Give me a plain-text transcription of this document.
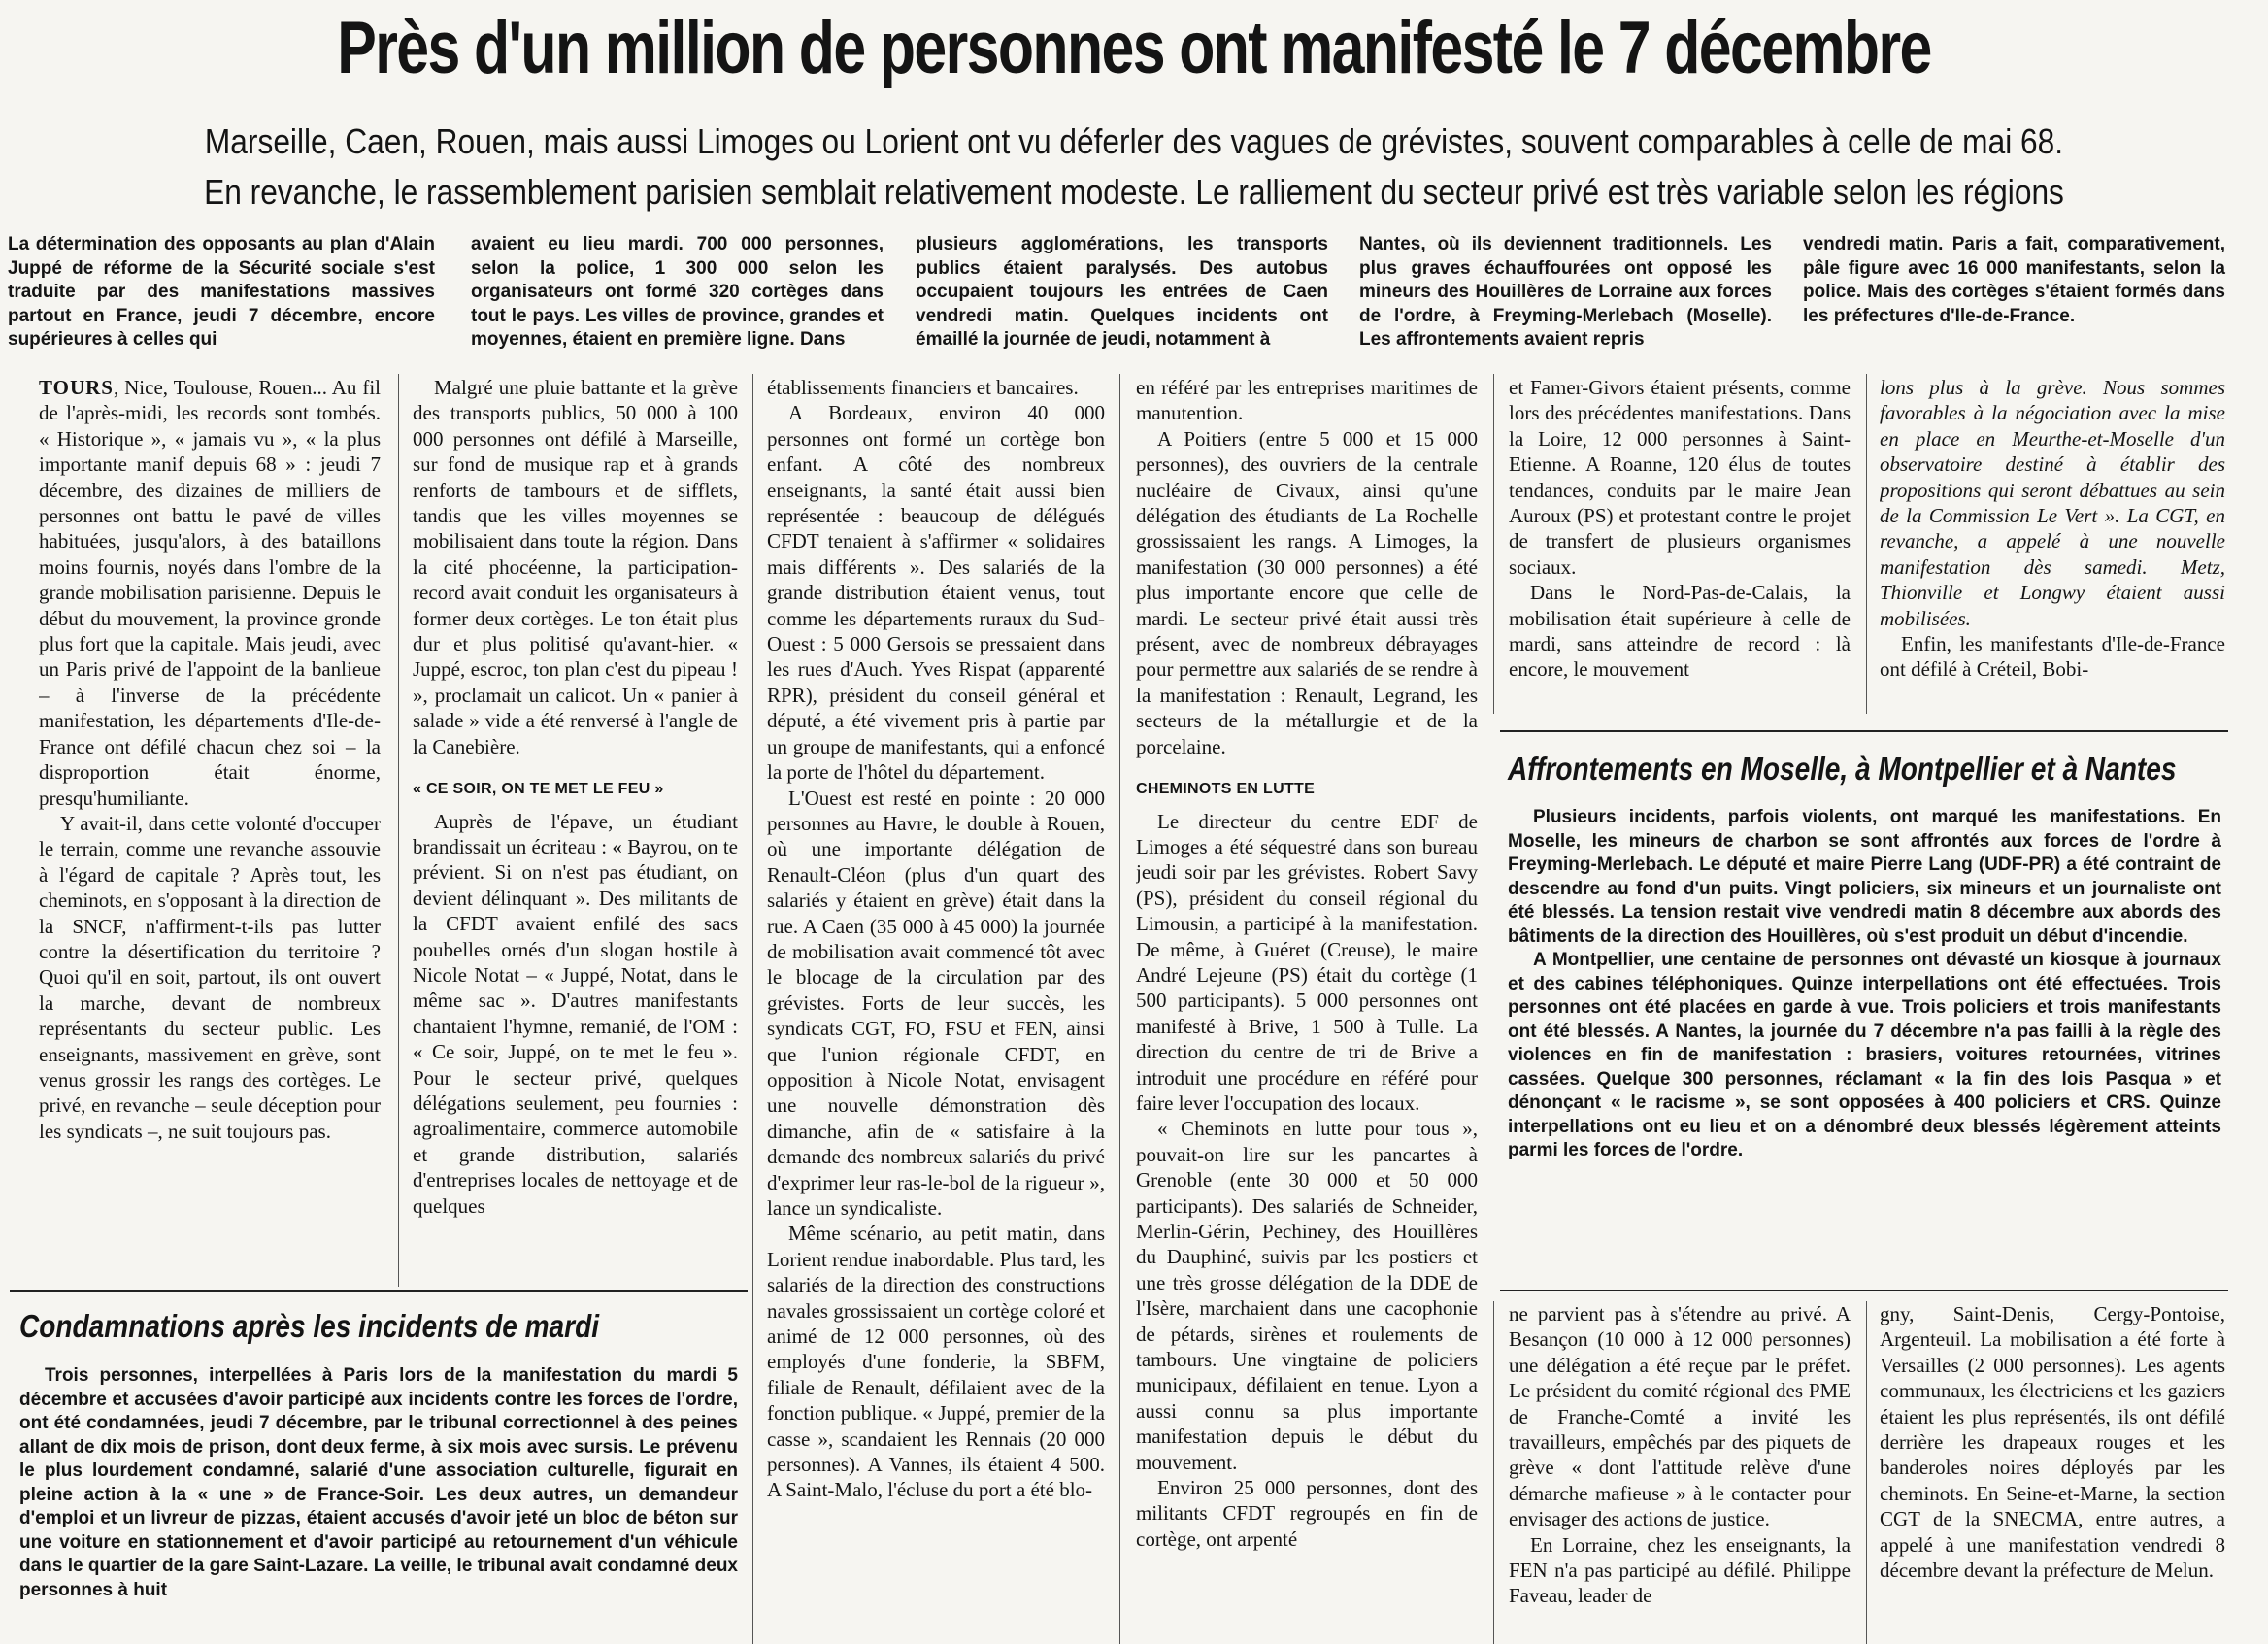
Près d'un million de personnes ont manifesté le 7 décembre
Marseille, Caen, Rouen, mais aussi Limoges ou Lorient ont vu déferler des vagues de grévistes, souvent comparables à celle de mai 68.
En revanche, le rassemblement parisien semblait relativement modeste. Le ralliement du secteur privé est très variable selon les régions

La détermination des opposants au plan d'Alain Juppé de réforme de la Sécurité sociale s'est traduite par des manifestations massives partout en France, jeudi 7 décembre, encore supérieures à celles qui

avaient eu lieu mardi. 700 000 personnes, selon la police, 1 300 000 selon les organisateurs ont formé 320 cortèges dans tout le pays. Les villes de province, grandes et moyennes, étaient en première ligne. Dans

plusieurs agglomérations, les transports publics étaient paralysés. Des autobus occupaient toujours les entrées de Caen vendredi matin. Quelques incidents ont émaillé la journée de jeudi, notamment à

Nantes, où ils deviennent traditionnels. Les plus graves échauffourées ont opposé les mineurs des Houillères de Lorraine aux forces de l'ordre, à Freyming-Merlebach (Moselle). Les affrontements avaient repris

vendredi matin. Paris a fait, comparativement, pâle figure avec 16 000 manifestants, selon la police. Mais des cortèges s'étaient formés dans les préfectures d'Ile-de-France.

TOURS, Nice, Toulouse, Rouen... Au fil de l'après-midi, les records sont tombés. « Historique », « jamais vu », « la plus importante manif depuis 68 » : jeudi 7 décembre, des dizaines de milliers de personnes ont battu le pavé de villes habituées, jusqu'alors, à des bataillons moins fournis, noyés dans l'ombre de la grande mobilisation parisienne. Depuis le début du mouvement, la province gronde plus fort que la capitale. Mais jeudi, avec un Paris privé de l'appoint de la banlieue – à l'inverse de la précédente manifestation, les départements d'Ile-de-France ont défilé chacun chez soi – la disproportion était énorme, presqu'humiliante.

Y avait-il, dans cette volonté d'occuper le terrain, comme une revanche assouvie à l'égard de capitale ? Après tout, les cheminots, en s'opposant à la direction de la SNCF, n'affirment-t-ils pas lutter contre la désertification du territoire ? Quoi qu'il en soit, partout, ils ont ouvert la marche, devant de nombreux représentants du secteur public. Les enseignants, massivement en grève, sont venus grossir les rangs des cortèges. Le privé, en revanche – seule déception pour les syndicats –, ne suit toujours pas.

Malgré une pluie battante et la grève des transports publics, 50 000 à 100 000 personnes ont défilé à Marseille, sur fond de musique rap et à grands renforts de tambours et de sifflets, tandis que les villes moyennes se mobilisaient dans toute la région. Dans la cité phocéenne, la participation-record avait conduit les organisateurs à former deux cortèges. Le ton était plus dur et plus politisé qu'avant-hier. « Juppé, escroc, ton plan c'est du pipeau ! », proclamait un calicot. Un « panier à salade » vide a été renversé à l'angle de la Canebière.

« CE SOIR, ON TE MET LE FEU »

Auprès de l'épave, un étudiant brandissait un écriteau : « Bayrou, on te prévient. Si on n'est pas étudiant, on devient délinquant ». Des militants de la CFDT avaient enfilé des sacs poubelles ornés d'un slogan hostile à Nicole Notat – « Juppé, Notat, dans le même sac ». D'autres manifestants chantaient l'hymne, remanié, de l'OM : « Ce soir, Juppé, on te met le feu ». Pour le secteur privé, quelques délégations seulement, peu fournies : agroalimentaire, commerce automobile et grande distribution, salariés d'entreprises locales de nettoyage et de quelques

établissements financiers et bancaires.

A Bordeaux, environ 40 000 personnes ont formé un cortège bon enfant. A côté des nombreux enseignants, la santé était aussi bien représentée : beaucoup de délégués CFDT tenaient à s'affirmer « solidaires mais différents ». Des salariés de la grande distribution étaient venus, tout comme les départements ruraux du Sud-Ouest : 5 000 Gersois se pressaient dans les rues d'Auch. Yves Rispat (apparenté RPR), président du conseil général et député, a été vivement pris à partie par un groupe de manifestants, qui a enfoncé la porte de l'hôtel du département.

L'Ouest est resté en pointe : 20 000 personnes au Havre, le double à Rouen, où une importante délégation de Renault-Cléon (plus d'un quart des salariés y étaient en grève) était dans la rue. A Caen (35 000 à 45 000) la journée de mobilisation avait commencé tôt avec le blocage de la circulation par des grévistes. Forts de leur succès, les syndicats CGT, FO, FSU et FEN, ainsi que l'union régionale CFDT, en opposition à Nicole Notat, envisagent une nouvelle démonstration dès dimanche, afin de « satisfaire à la demande des nombreux salariés du privé d'exprimer leur ras-le-bol de la rigueur », lance un syndicaliste.

Même scénario, au petit matin, dans Lorient rendue inabordable. Plus tard, les salariés de la direction des constructions navales grossissaient un cortège coloré et animé de 12 000 personnes, où des employés d'une fonderie, la SBFM, filiale de Renault, défilaient avec de la fonction publique. « Juppé, premier de la casse », scandaient les Rennais (20 000 personnes). A Vannes, ils étaient 4 500. A Saint-Malo, l'écluse du port a été blo-

en référé par les entreprises maritimes de manutention.

A Poitiers (entre 5 000 et 15 000 personnes), des ouvriers de la centrale nucléaire de Civaux, ainsi qu'une délégation des étudiants de La Rochelle grossissaient les rangs. A Limoges, la manifestation (30 000 personnes) a été plus importante encore que celle de mardi. Le secteur privé était aussi très présent, avec de nombreux débrayages pour permettre aux salariés de se rendre à la manifestation : Renault, Legrand, les secteurs de la métallurgie et de la porcelaine.

CHEMINOTS EN LUTTE

Le directeur du centre EDF de Limoges a été séquestré dans son bureau jeudi soir par les grévistes. Robert Savy (PS), président du conseil régional du Limousin, a participé à la manifestation. De même, à Guéret (Creuse), le maire André Lejeune (PS) était du cortège (1 500 participants). 5 000 personnes ont manifesté à Brive, 1 500 à Tulle. La direction du centre de tri de Brive a introduit une procédure en référé pour faire lever l'occupation des locaux.

« Cheminots en lutte pour tous », pouvait-on lire sur les pancartes à Grenoble (ente 30 000 et 50 000 participants). Des salariés de Schneider, Merlin-Gérin, Pechiney, des Houillères du Dauphiné, suivis par les postiers et une très grosse délégation de la DDE de l'Isère, marchaient dans une cacophonie de pétards, sirènes et roulements de tambours. Une vingtaine de policiers municipaux, défilaient en tenue. Lyon a aussi connu sa plus importante manifestation depuis le début du mouvement.

Environ 25 000 personnes, dont des militants CFDT regroupés en fin de cortège, ont arpenté

et Famer-Givors étaient présents, comme lors des précédentes manifestations. Dans la Loire, 12 000 personnes à Saint-Etienne. A Roanne, 120 élus de toutes tendances, conduits par le maire Jean Auroux (PS) et protestant contre le projet de transfert de plusieurs organismes sociaux.

Dans le Nord-Pas-de-Calais, la mobilisation était supérieure à celle de mardi, sans atteindre de record : là encore, le mouvement

lons plus à la grève. Nous sommes favorables à la négociation avec la mise en place en Meurthe-et-Moselle d'un observatoire destiné à établir des propositions qui seront débattues au sein de la Commission Le Vert ». La CGT, en revanche, a appelé à une nouvelle manifestation dès samedi. Metz, Thionville et Longwy étaient aussi mobilisées.

Enfin, les manifestants d'Ile-de-France ont défilé à Créteil, Bobi-

Affrontements en Moselle, à Montpellier et à Nantes

Plusieurs incidents, parfois violents, ont marqué les manifestations. En Moselle, les mineurs de charbon se sont affrontés aux forces de l'ordre à Freyming-Merlebach. Le député et maire Pierre Lang (UDF-PR) a été contraint de descendre au fond d'un puits. Vingt policiers, six mineurs et un journaliste ont été blessés. La tension restait vive vendredi matin 8 décembre aux abords des bâtiments de la direction des Houillères, où s'est produit un début d'incendie.

A Montpellier, une centaine de personnes ont dévasté un kiosque à journaux et des cabines téléphoniques. Quinze interpellations ont été effectuées. Trois personnes ont été placées en garde à vue. Trois policiers et trois manifestants ont été blessés. A Nantes, la journée du 7 décembre n'a pas failli à la règle des violences en fin de manifestation : brasiers, voitures retournées, vitrines cassées. Quelque 300 personnes, réclamant « la fin des lois Pasqua » et dénonçant « le racisme », se sont opposées à 400 policiers et CRS. Quinze interpellations ont eu lieu et on a dénombré deux blessés légèrement atteints parmi les forces de l'ordre.

ne parvient pas à s'étendre au privé. A Besançon (10 000 à 12 000 personnes) une délégation a été reçue par le préfet. Le président du comité régional des PME de Franche-Comté a invité les travailleurs, empêchés par des piquets de grève « dont l'attitude relève d'une démarche mafieuse » à le contacter pour envisager des actions de justice.

En Lorraine, chez les enseignants, la FEN n'a pas participé au défilé. Philippe Faveau, leader de

gny, Saint-Denis, Cergy-Pontoise, Argenteuil. La mobilisation a été forte à Versailles (2 000 personnes). Les agents communaux, les électriciens et les gaziers étaient les plus représentés, ils ont défilé derrière les drapeaux rouges et les banderoles noires déployés par les cheminots. En Seine-et-Marne, la section CGT de la SNECMA, entre autres, a appelé à une manifestation vendredi 8 décembre devant la préfecture de Melun.

Condamnations après les incidents de mardi

Trois personnes, interpellées à Paris lors de la manifestation du mardi 5 décembre et accusées d'avoir participé aux incidents contre les forces de l'ordre, ont été condamnées, jeudi 7 décembre, par le tribunal correctionnel à des peines allant de dix mois de prison, dont deux ferme, à six mois avec sursis. Le prévenu le plus lourdement condamné, salarié d'une association culturelle, figurait en pleine action à la « une » de France-Soir. Les deux autres, un demandeur d'emploi et un livreur de pizzas, étaient accusés d'avoir jeté un bloc de béton sur une voiture en stationnement et d'avoir participé au retournement d'un véhicule dans le quartier de la gare Saint-Lazare. La veille, le tribunal avait condamné deux personnes à huit
